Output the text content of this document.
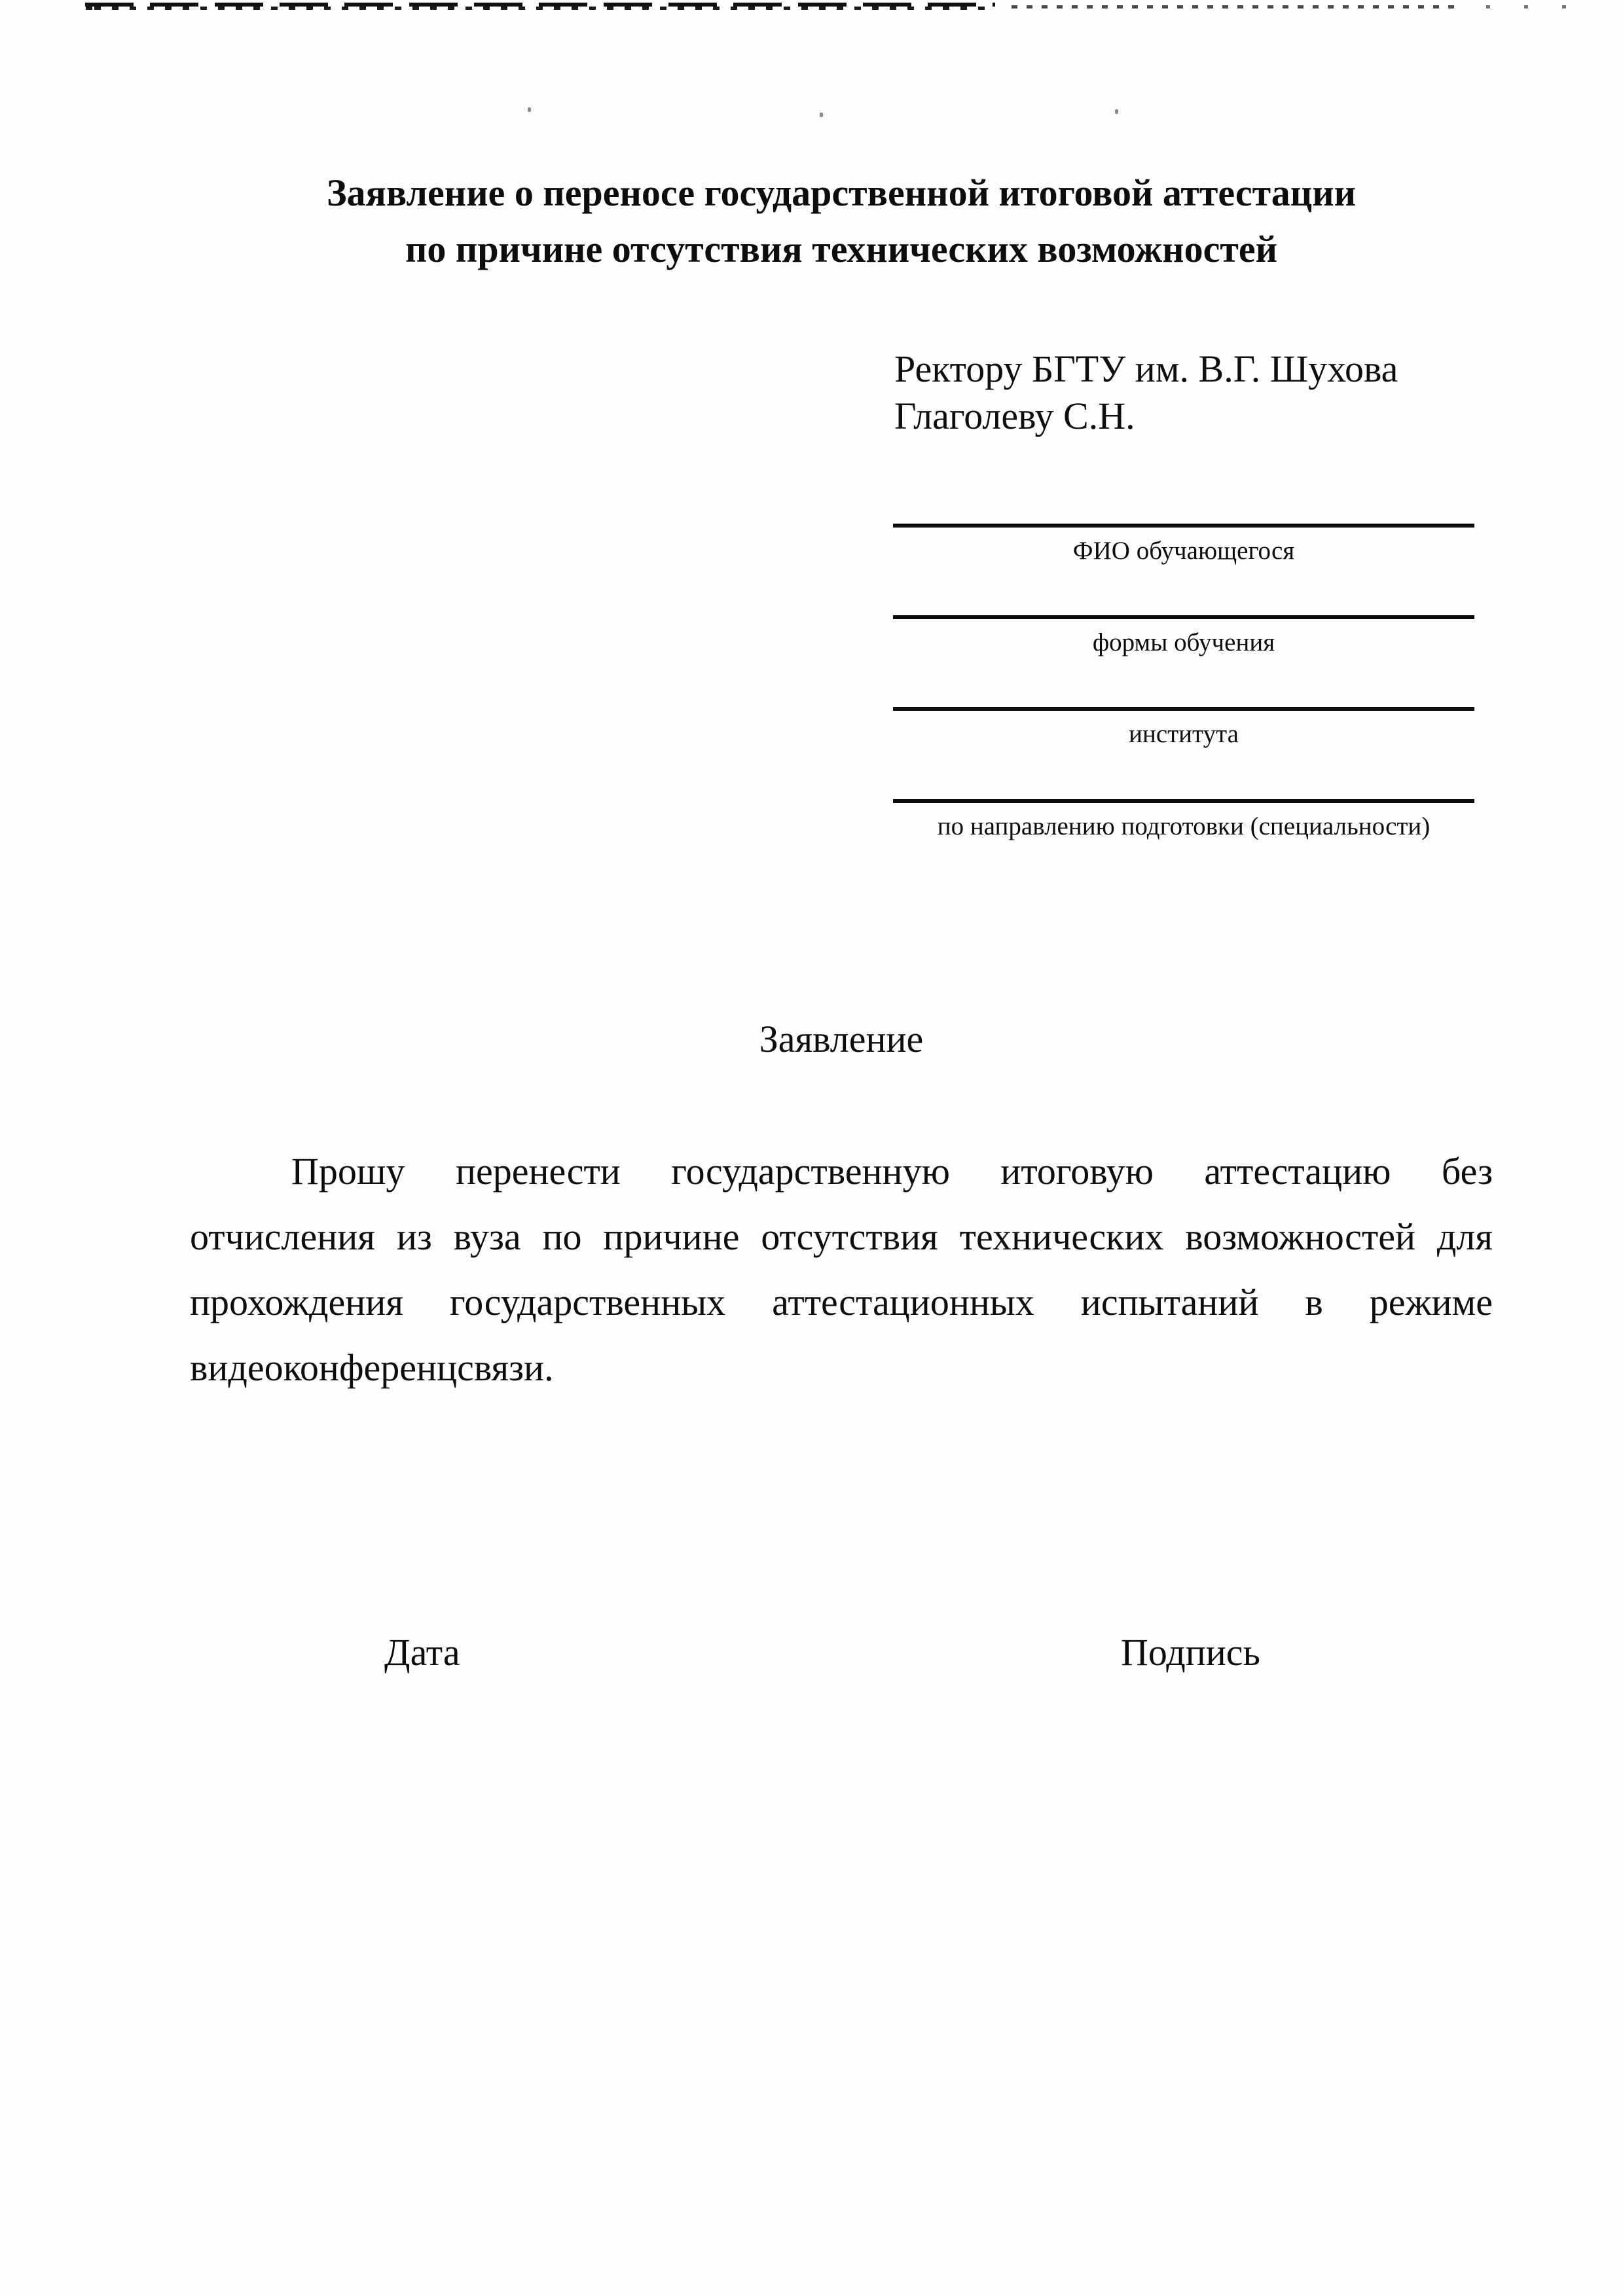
Заявление о переносе государственной итоговой аттестации
по причине отсутствия технических возможностей
Ректору БГТУ им. В.Г. Шухова
Глаголеву С.Н.
ФИО обучающегося
формы обучения
института
по направлению подготовки (специальности)
Заявление
Прошу перенести государственную итоговую аттестацию без
отчисления из вуза по причине отсутствия технических возможностей для
прохождения государственных аттестационных испытаний в режиме
видеоконференцсвязи.
Дата	Подпись
